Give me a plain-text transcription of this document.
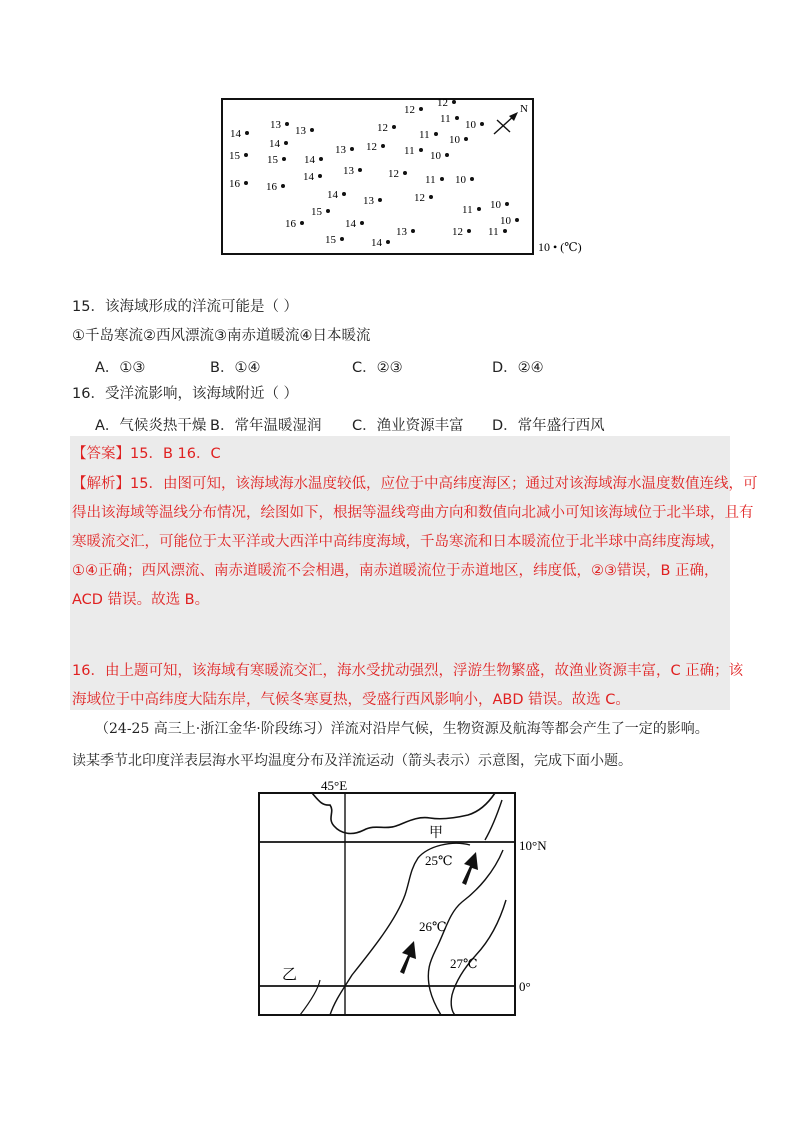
12
12
11 10
14
13 13	12
11 10
14	12 11
15 15
13	10
14
13	12 11 10
16 16
14
14 13	12
15	11 10
10
16	14
13	12 11
15	14
N
10 • (℃)
15．该海域形成的洋流可能是（ ）
①千岛寒流②西风漂流③南赤道暖流④日本暖流
A．①③	B．①④	C．②③	D．②④
16．受洋流影响，该海域附近（ ）
A．气候炎热干燥 B．常年温暖湿润 C．渔业资源丰富 D．常年盛行西风
【答案】15．B 16．C
【解析】15．由图可知，该海域海水温度较低，应位于中高纬度海区；通过对该海域海水温度数值连线，可
得出该海域等温线分布情况，绘图如下，根据等温线弯曲方向和数值向北减小可知该海域位于北半球，且有
寒暖流交汇，可能位于太平洋或大西洋中高纬度海域，千岛寒流和日本暖流位于北半球中高纬度海域，
①④正确；西风漂流、南赤道暖流不会相遇，南赤道暖流位于赤道地区，纬度低，②③错误，B 正确，
ACD 错误。故选 B。
16．由上题可知，该海域有寒暖流交汇，海水受扰动强烈，浮游生物繁盛，故渔业资源丰富，C 正确；该
海域位于中高纬度大陆东岸，气候冬寒夏热，受盛行西风影响小，ABD 错误。故选 C。
（24-25 高三上·浙江金华·阶段练习）洋流对沿岸气候，生物资源及航海等都会产生了一定的影响。
读某季节北印度洋表层海水平均温度分布及洋流运动（箭头表示）示意图，完成下面小题。
45°E
10°N
0°
甲
乙
25℃
26℃
27℃
